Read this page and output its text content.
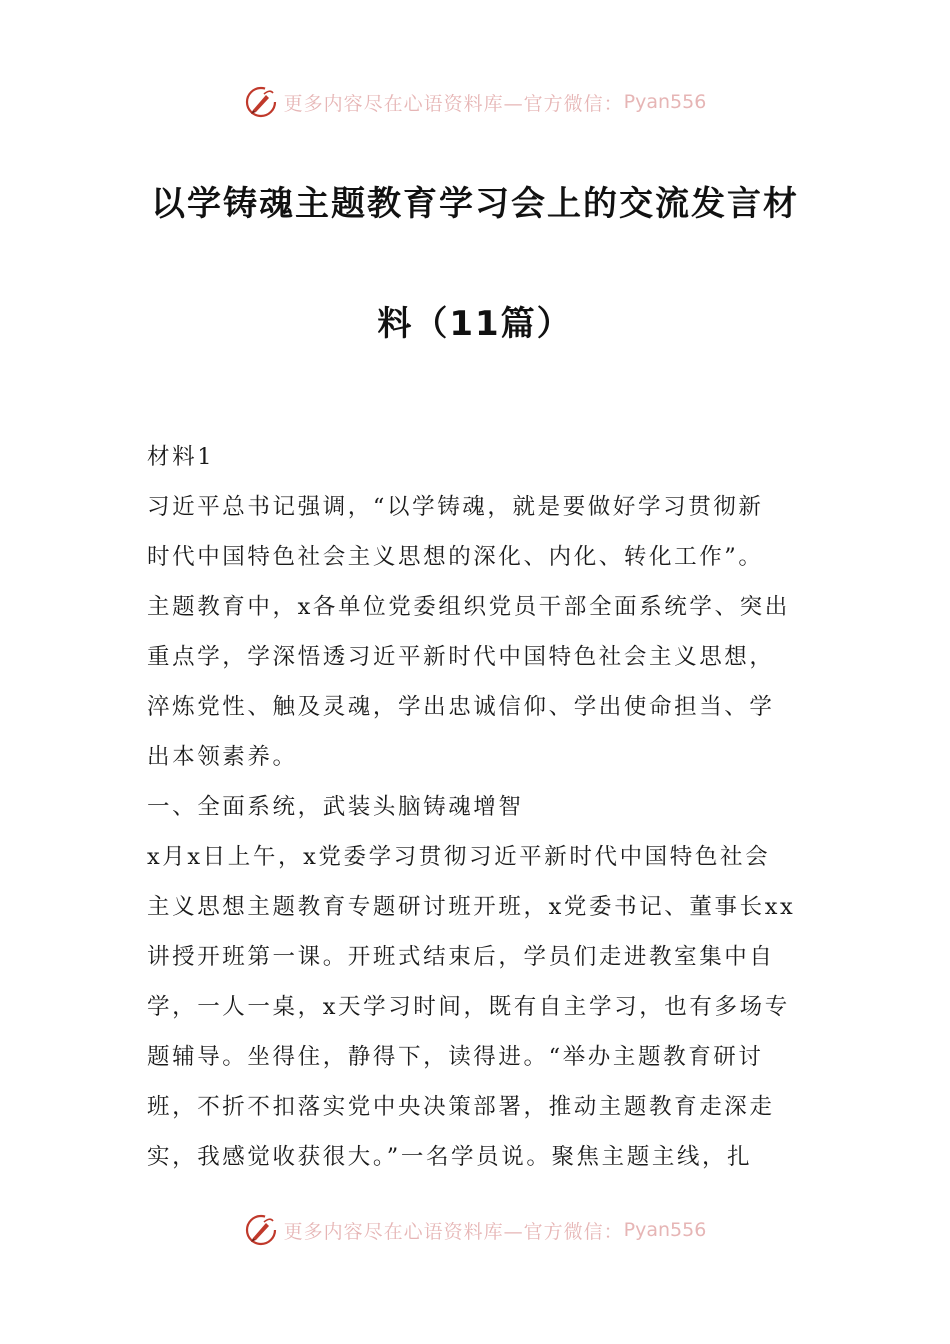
更多内容尽在心语资料库—官方微信： Pyan556
以学铸魂主题教育学习会上的交流发言材
料（11篇）
材料1
习近平总书记强调，“以学铸魂，就是要做好学习贯彻新
时代中国特色社会主义思想的深化、内化、转化工作”。
主题教育中，x各单位党委组织党员干部全面系统学、突出
重点学，学深悟透习近平新时代中国特色社会主义思想，
淬炼党性、触及灵魂，学出忠诚信仰、学出使命担当、学
出本领素养。
一、全面系统，武装头脑铸魂增智
x月x日上午，x党委学习贯彻习近平新时代中国特色社会
主义思想主题教育专题研讨班开班，x党委书记、董事长xx
讲授开班第一课。开班式结束后，学员们走进教室集中自
学，一人一桌，x天学习时间，既有自主学习，也有多场专
题辅导。坐得住，静得下，读得进。“举办主题教育研讨
班，不折不扣落实党中央决策部署，推动主题教育走深走
实，我感觉收获很大。”一名学员说。聚焦主题主线，扎
更多内容尽在心语资料库—官方微信： Pyan556
